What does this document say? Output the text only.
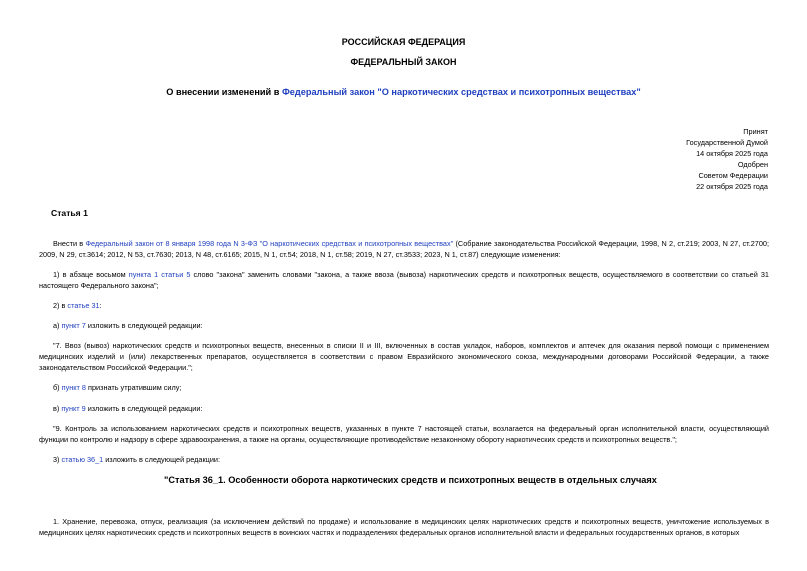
РОССИЙСКАЯ ФЕДЕРАЦИЯ
ФЕДЕРАЛЬНЫЙ ЗАКОН
О внесении изменений в Федеральный закон "О наркотических средствах и психотропных веществах"
Принят
Государственной Думой
14 октября 2025 года
Одобрен
Советом Федерации
22 октября 2025 года
Статья 1
Внести в Федеральный закон от 8 января 1998 года N 3-ФЗ "О наркотических средствах и психотропных веществах" (Собрание законодательства Российской Федерации, 1998, N 2, ст.219; 2003, N 27, ст.2700; 2009, N 29, ст.3614; 2012, N 53, ст.7630; 2013, N 48, ст.6165; 2015, N 1, ст.54; 2018, N 1, ст.58; 2019, N 27, ст.3533; 2023, N 1, ст.87) следующие изменения:
1) в абзаце восьмом пункта 1 статьи 5 слово "закона" заменить словами "закона, а также ввоза (вывоза) наркотических средств и психотропных веществ, осуществляемого в соответствии со статьей 31 настоящего Федерального закона";
2) в статье 31:
а) пункт 7 изложить в следующей редакции:
"7. Ввоз (вывоз) наркотических средств и психотропных веществ, внесенных в списки II и III, включенных в состав укладок, наборов, комплектов и аптечек для оказания первой помощи с применением медицинских изделий и (или) лекарственных препаратов, осуществляется в соответствии с правом Евразийского экономического союза, международными договорами Российской Федерации, а также законодательством Российской Федерации.";
б) пункт 8 признать утратившим силу;
в) пункт 9 изложить в следующей редакции:
"9. Контроль за использованием наркотических средств и психотропных веществ, указанных в пункте 7 настоящей статьи, возлагается на федеральный орган исполнительной власти, осуществляющий функции по контролю и надзору в сфере здравоохранения, а также на органы, осуществляющие противодействие незаконному обороту наркотических средств и психотропных веществ.";
3) статью 36_1 изложить в следующей редакции:
"Статья 36_1. Особенности оборота наркотических средств и психотропных веществ в отдельных случаях
1. Хранение, перевозка, отпуск, реализация (за исключением действий по продаже) и использование в медицинских целях наркотических средств и психотропных веществ, уничтожение используемых в медицинских целях наркотических средств и психотропных веществ в воинских частях и подразделениях федеральных органов исполнительной власти и федеральных государственных органов, в которых
